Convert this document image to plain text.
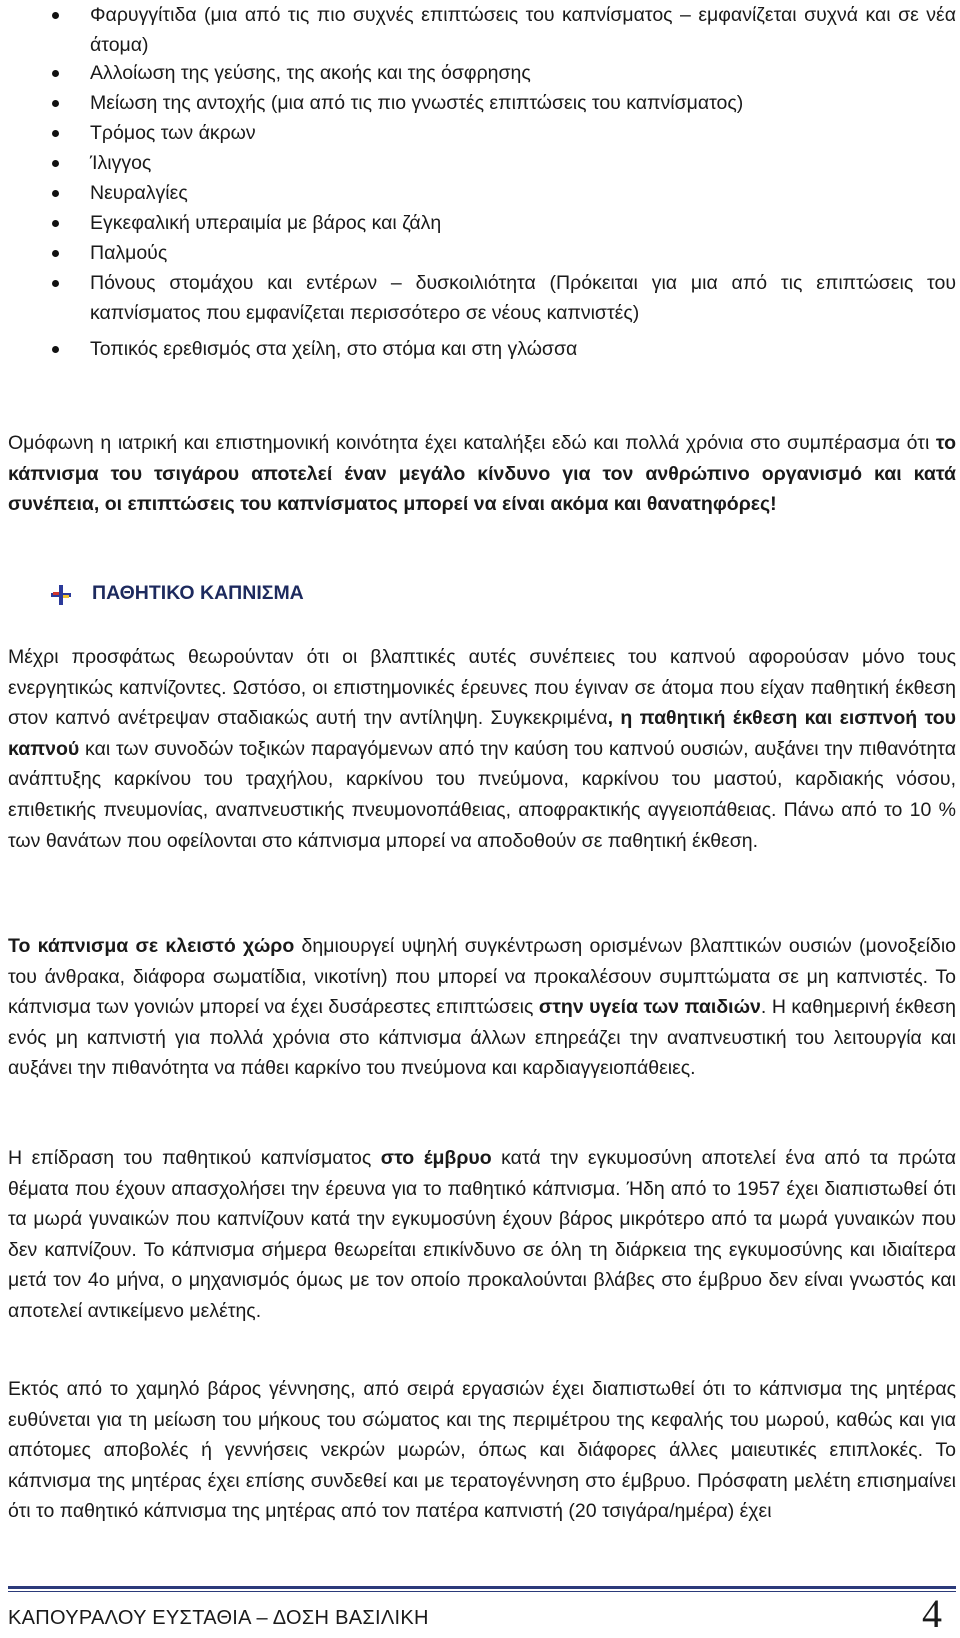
Φαρυγγίτιδα (μια από τις πιο συχνές επιπτώσεις του καπνίσματος – εμφανίζεται συχνά και σε νέα άτομα)
Αλλοίωση της γεύσης, της ακοής και της όσφρησης
Μείωση της αντοχής (μια από τις πιο γνωστές επιπτώσεις του καπνίσματος)
Τρόμος των άκρων
Ίλιγγος
Νευραλγίες
Εγκεφαλική υπεραιμία με βάρος και ζάλη
Παλμούς
Πόνους στομάχου και εντέρων – δυσκοιλιότητα (Πρόκειται για μια από τις επιπτώσεις του καπνίσματος που εμφανίζεται περισσότερο σε νέους καπνιστές)
Τοπικός ερεθισμός στα χείλη, στο στόμα και στη γλώσσα

Ομόφωνη η ιατρική και επιστημονική κοινότητα έχει καταλήξει εδώ και πολλά χρόνια στο συμπέρασμα ότι το κάπνισμα του τσιγάρου αποτελεί έναν μεγάλο κίνδυνο για τον ανθρώπινο οργανισμό και κατά συνέπεια, οι επιπτώσεις του καπνίσματος μπορεί να είναι ακόμα και θανατηφόρες!

ΠΑΘΗΤΙΚΟ ΚΑΠΝΙΣΜΑ

Μέχρι προσφάτως θεωρούνταν ότι οι βλαπτικές αυτές συνέπειες του καπνού αφορούσαν μόνο τους ενεργητικώς καπνίζοντες. Ωστόσο, οι επιστημονικές έρευνες που έγιναν σε άτομα που είχαν παθητική έκθεση στον καπνό ανέτρεψαν σταδιακώς αυτή την αντίληψη. Συγκεκριμένα, η παθητική έκθεση και εισπνοή του καπνού και των συνοδών τοξικών παραγόμενων από την καύση του καπνού ουσιών, αυξάνει την πιθανότητα ανάπτυξης καρκίνου του τραχήλου, καρκίνου του πνεύμονα, καρκίνου του μαστού, καρδιακής νόσου, επιθετικής πνευμονίας, αναπνευστικής πνευμονοπάθειας, αποφρακτικής αγγειοπάθειας. Πάνω από το 10 % των θανάτων που οφείλονται στο κάπνισμα μπορεί να αποδοθούν σε παθητική έκθεση.

Το κάπνισμα σε κλειστό χώρο δημιουργεί υψηλή συγκέντρωση ορισμένων βλαπτικών ουσιών (μονοξείδιο του άνθρακα, διάφορα σωματίδια, νικοτίνη) που μπορεί να προκαλέσουν συμπτώματα σε μη καπνιστές. Το κάπνισμα των γονιών μπορεί να έχει δυσάρεστες επιπτώσεις στην υγεία των παιδιών. Η καθημερινή έκθεση ενός μη καπνιστή για πολλά χρόνια στο κάπνισμα άλλων επηρεάζει την αναπνευστική του λειτουργία και αυξάνει την πιθανότητα να πάθει καρκίνο του πνεύμονα και καρδιαγγειοπάθειες.

Η επίδραση του παθητικού καπνίσματος στο έμβρυο κατά την εγκυμοσύνη αποτελεί ένα από τα πρώτα θέματα που έχουν απασχολήσει την έρευνα για το παθητικό κάπνισμα. Ήδη από το 1957 έχει διαπιστωθεί ότι τα μωρά γυναικών που καπνίζουν κατά την εγκυμοσύνη έχουν βάρος μικρότερο από τα μωρά γυναικών που δεν καπνίζουν. Το κάπνισμα σήμερα θεωρείται επικίνδυνο σε όλη τη διάρκεια της εγκυμοσύνης και ιδιαίτερα μετά τον 4ο μήνα, ο μηχανισμός όμως με τον οποίο προκαλούνται βλάβες στο έμβρυο δεν είναι γνωστός και αποτελεί αντικείμενο μελέτης.

Εκτός από το χαμηλό βάρος γέννησης, από σειρά εργασιών έχει διαπιστωθεί ότι το κάπνισμα της μητέρας ευθύνεται για τη μείωση του μήκους του σώματος και της περιμέτρου της κεφαλής του μωρού, καθώς και για απότομες αποβολές ή γεννήσεις νεκρών μωρών, όπως και διάφορες άλλες μαιευτικές επιπλοκές. Το κάπνισμα της μητέρας έχει επίσης συνδεθεί και με τερατογέννηση στο έμβρυο. Πρόσφατη μελέτη επισημαίνει ότι το παθητικό κάπνισμα της μητέρας από τον πατέρα καπνιστή (20 τσιγάρα/ημέρα) έχει

ΚΑΠΟΥΡΑΛΟΥ ΕΥΣΤΑΘΙΑ – ΔΟΣΗ ΒΑΣΙΛΙΚΗ	4
